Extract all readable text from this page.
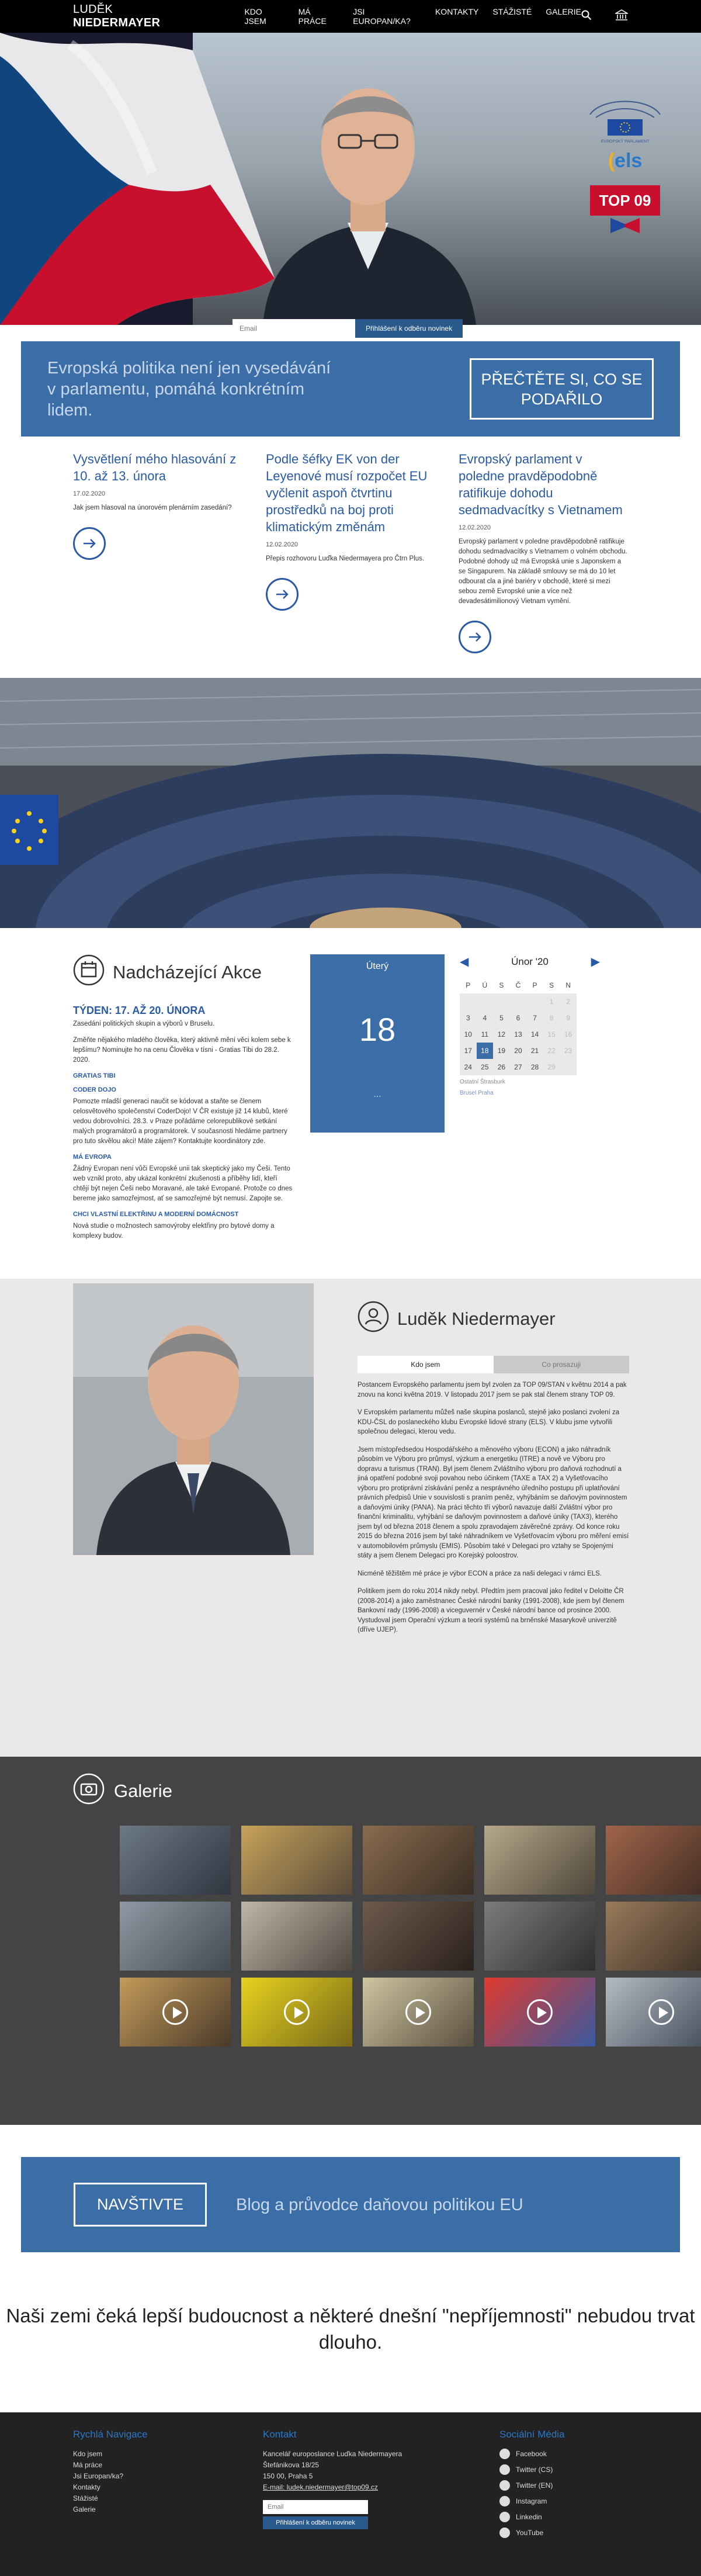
LUDĚK NIEDERMAYER
KDO JSEM
MÁ PRÁCE
JSI EUROPAN/KA?
KONTAKTY STÁŽISTÉ GALERIE
EVROPSKÝ PARLAMENT
(els
TOP 09
Email
Přihlášení k odběru novinek
Evropská politika není jen vysedávání v parlamentu, pomáhá konkrétním lidem.
PŘEČTĚTE SI, CO SE PODAŘILO
Vysvětlení mého hlasování z 10. až 13. února
17.02.2020

Jak jsem hlasoval na únorovém plenárním zasedání?

Podle šéfky EK von der Leyenové musí rozpočet EU vyčlenit aspoň čtvrtinu prostředků na boj proti klimatickým změnám
12.02.2020

Přepis rozhovoru Luďka Niedermayera pro Čtrn Plus.

Evropský parlament v poledne pravděpodobně ratifikuje dohodu sedmadvacítky s Vietnamem
12.02.2020

Evropský parlament v poledne pravděpodobně ratifikuje dohodu sedmadvacítky s Vietnamem o volném obchodu. Podobné dohody už má Evropská unie s Japonskem a se Singapurem. Na základě smlouvy se má do 10 let odbourat cla a jiné bariéry v obchodě, které si mezi sebou země Evropské unie a více než devadesátimilionový Vietnam vymění.

Nadcházející Akce
TÝDEN: 17. AŽ 20. ÚNORA
Zasedání politických skupin a výborů v Bruselu.

Změňte nějakého mladého člověka, který aktivně mění věci kolem sebe k lepšímu? Nominujte ho na cenu Člověka v tísni - Gratias Tibi do 28.2. 2020.

GRATIAS TIBI
CODER DOJO

Pomozte mladší generaci naučit se kódovat a staňte se členem celosvětového společenství CoderDojo! V ČR existuje již 14 klubů, které vedou dobrovolníci. 28.3. v Praze pořádáme celorepublikové setkání malých programátorů a programátorek. V současnosti hledáme partnery pro tuto skvělou akci! Máte zájem? Kontaktujte koordinátory zde.

MÁ EVROPA

Žádný Evropan není vůči Evropské unii tak skeptický jako my Češi. Tento web vznikl proto, aby ukázal konkrétní zkušenosti a příběhy lidí, kteří chtějí být nejen Češi nebo Moravané, ale také Evropané. Protože co dnes bereme jako samozřejmost, ať se samozřejmé být nemusí. Zapojte se.

CHCI VLASTNÍ ELEKTŘINU A MODERNÍ DOMÁCNOST

Nová studie o možnostech samovýroby elektřiny pro bytové domy a komplexy budov.

Úterý
18
...
◀	Únor '20	▶
P	Ú	S	Č	P	S	N
					1	2
3	4	5	6	7	8	9
10	11	12	13	14	15	16
17	18	19	20	21	22	23
24	25	26	27	28	29	
Ostatní Štrasburk
Brusel Praha
Luděk Niedermayer
Kdo jsem	Co prosazuji

Postancem Evropského parlamentu jsem byl zvolen za TOP 09/STAN v květnu 2014 a pak znovu na konci května 2019. V listopadu 2017 jsem se pak stal členem strany TOP 09.

V Evropském parlamentu můžeš naše skupina poslanců, stejně jako poslanci zvolení za KDU-ČSL do poslaneckého klubu Evropské lidové strany (ELS). V klubu jsme vytvořili společnou delegaci, kterou vedu.

Jsem místopředsedou Hospodářského a měnového výboru (ECON) a jako náhradník působím ve Výboru pro průmysl, výzkum a energetiku (ITRE) a nově ve Výboru pro dopravu a turismus (TRAN). Byl jsem členem Zvláštního výboru pro daňová rozhodnutí a jiná opatření podobné svoji povahou nebo účinkem (TAXE a TAX 2) a Vyšetřovacího výboru pro protiprávní získávání peněz a nesprávného úředního postupu při uplatňování právních předpisů Unie v souvislosti s praním peněz, vyhýbáním se daňovým povinnostem a daňovými úniky (PANA). Na práci těchto tří výborů navazuje další Zvláštní výbor pro finanční kriminalitu, vyhýbání se daňovým povinnostem a daňové úniky (TAX3), kterého jsem byl od března 2018 členem a spolu zpravodajem závěrečné zprávy. Od konce roku 2015 do března 2016 jsem byl také náhradníkem ve Vyšetřovacím výboru pro měření emisí v automobilovém průmyslu (EMIS). Působím také v Delegaci pro vztahy se Spojenými státy a jsem členem Delegaci pro Korejský poloostrov.

Nicméně těžištěm mé práce je výbor ECON a práce za naši delegaci v rámci ELS.

Politikem jsem do roku 2014 nikdy nebyl. Předtím jsem pracoval jako ředitel v Deloitte ČR (2008-2014) a jako zaměstnanec České národní banky (1991-2008), kde jsem byl členem Bankovní rady (1996-2008) a viceguvernér v České národní bance od prosince 2000. Vystudoval jsem Operační výzkum a teorii systémů na brněnské Masarykově univerzitě (dříve UJEP).

Galerie
NAVŠTIVTE	Blog a průvodce daňovou politikou EU
Naši zemi čeká lepší budoucnost a některé dnešní "nepříjemnosti" nebudou trvat dlouho.
Rychlá Navigace
Kdo jsem
Má práce
Jsi Europan/ka?
Kontakty
Stážisté
Galerie
Kontakt
Kancelář europoslance Luďka Niedermayera
Štefánikova 18/25
150 00, Praha 5
E-mail: ludek.niedermayer@top09.cz
Email
Přihlášení k odběru novinek
Sociální Média
Facebook
Twitter (CS)
Twitter (EN)
Instagram
Linkedin
YouTube
